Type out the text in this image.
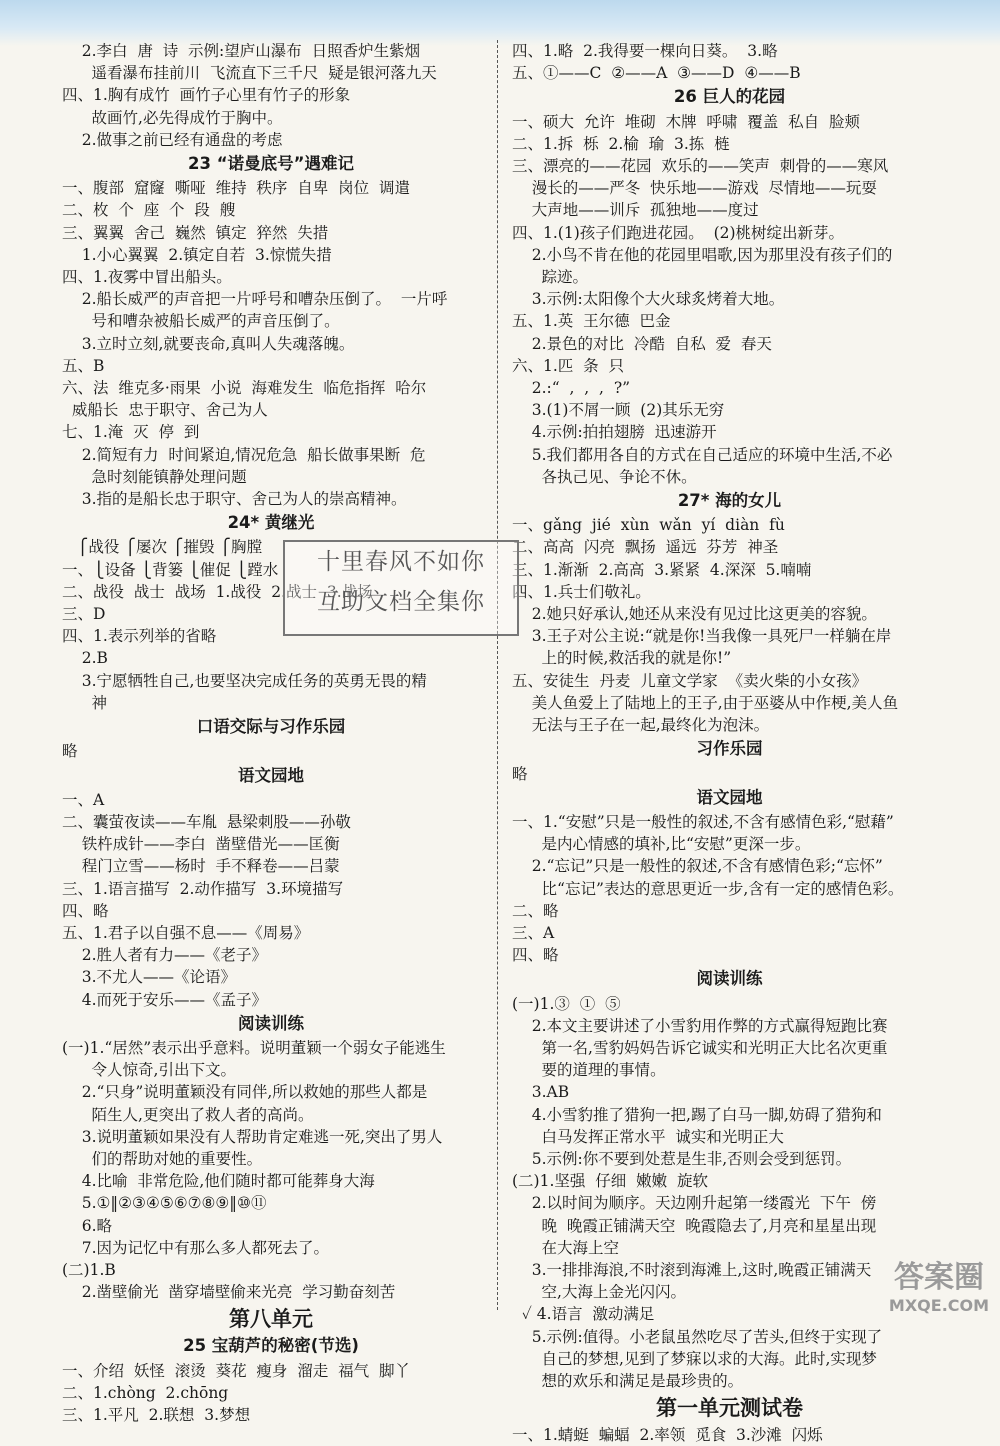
2.李白  唐  诗  示例:望庐山瀑布  日照香炉生紫烟
遥看瀑布挂前川  飞流直下三千尺  疑是银河落九天
四、1.胸有成竹  画竹子心里有竹子的形象
故画竹,必先得成竹于胸中。
2.做事之前已经有通盘的考虑
23 “诺曼底号”遇难记
一、腹部  窟窿  嘶哑  维持  秩序  自卑  岗位  调遣
二、枚  个  座  个  段  艘
三、翼翼  舍己  巍然  镇定  猝然  失措
1.小心翼翼  2.镇定自若  3.惊慌失措
四、1.夜雾中冒出船头。
2.船长威严的声音把一片呼号和嘈杂压倒了。  一片呼
号和嘈杂被船长威严的声音压倒了。
3.立时立刻,就要丧命,真叫人失魂落魄。
五、B
六、法  维克多·雨果  小说  海难发生  临危指挥  哈尔
威船长  忠于职守、舍己为人
七、1.淹  灭  停  到
2.简短有力  时间紧迫,情况危急  船长做事果断  危
急时刻能镇静处理问题
3.指的是船长忠于职守、舍己为人的崇高精神。
24* 黄继光
⎧战役 ⎧屡次 ⎧摧毁 ⎧胸膛
一、⎩设备 ⎩背篓 ⎩催促 ⎩蹚水
二、战役  战士  战场  1.战役  2.战士  3.战场
三、D
四、1.表示列举的省略
2.B
3.宁愿牺牲自己,也要坚决完成任务的英勇无畏的精
神
口语交际与习作乐园
略
语文园地
一、A
二、囊萤夜读——车胤  悬梁刺股——孙敬
铁杵成针——李白  凿壁借光——匡衡
程门立雪——杨时  手不释卷——吕蒙
三、1.语言描写  2.动作描写  3.环境描写
四、略
五、1.君子以自强不息——《周易》
2.胜人者有力——《老子》
3.不尤人——《论语》
4.而死于安乐——《孟子》
阅读训练
(一)1.“居然”表示出乎意料。说明董颖一个弱女子能逃生
令人惊奇,引出下文。
2.“只身”说明董颖没有同伴,所以救她的那些人都是
陌生人,更突出了救人者的高尚。
3.说明董颖如果没有人帮助肯定难逃一死,突出了男人
们的帮助对她的重要性。
4.比喻  非常危险,他们随时都可能葬身大海
5.①‖②③④⑤⑥⑦⑧⑨‖⑩⑪
6.略
7.因为记忆中有那么多人都死去了。
(二)1.B
2.凿壁偷光  凿穿墙壁偷来光亮  学习勤奋刻苦
第八单元
25 宝葫芦的秘密(节选)
一、介绍  妖怪  滚烫  葵花  瘦身  溜走  福气  脚丫
二、1.chòng  2.chōng
三、1.平凡  2.联想  3.梦想
四、1.略  2.我得要一棵向日葵。  3.略
五、①——C  ②——A  ③——D  ④——B
26 巨人的花园
一、硕大  允许  堆砌  木牌  呼啸  覆盖  私自  脸颊
二、1.拆  栎  2.榆  瑜  3.拣  梿
三、漂亮的——花园  欢乐的——笑声  刺骨的——寒风
漫长的——严冬  快乐地——游戏  尽情地——玩耍
大声地——训斥  孤独地——度过
四、1.(1)孩子们跑进花园。  (2)桃树绽出新芽。
2.小鸟不肯在他的花园里唱歌,因为那里没有孩子们的
踪迹。
3.示例:太阳像个大火球炙烤着大地。
五、1.英  王尔德  巴金
2.景色的对比  冷酷  自私  爱  春天
六、1.匹  条  只
2.:“  ,  ,  ,  ?”
3.(1)不屑一顾  (2)其乐无穷
4.示例:拍拍翅膀  迅速游开
5.我们都用各自的方式在自己适应的环境中生活,不必
各执己见、争论不休。
27* 海的女儿
一、gǎng  jié  xùn  wǎn  yí  diàn  fù
二、高高  闪亮  飘扬  遥远  芬芳  神圣
三、1.渐渐  2.高高  3.紧紧  4.深深  5.喃喃
四、1.兵士们敬礼。
2.她只好承认,她还从来没有见过比这更美的容貌。
3.王子对公主说:“就是你!当我像一具死尸一样躺在岸
上的时候,救活我的就是你!”
五、安徒生  丹麦  儿童文学家  《卖火柴的小女孩》
美人鱼爱上了陆地上的王子,由于巫婆从中作梗,美人鱼
无法与王子在一起,最终化为泡沫。
习作乐园
略
语文园地
一、1.“安慰”只是一般性的叙述,不含有感情色彩,“慰藉”
是内心情感的填补,比“安慰”更深一步。
2.“忘记”只是一般性的叙述,不含有感情色彩;“忘怀”
比“忘记”表达的意思更近一步,含有一定的感情色彩。
二、略
三、A
四、略
阅读训练
(一)1.③  ①  ⑤
2.本文主要讲述了小雪豹用作弊的方式赢得短跑比赛
第一名,雪豹妈妈告诉它诚实和光明正大比名次更重
要的道理的事情。
3.AB
4.小雪豹推了猎狗一把,踢了白马一脚,妨碍了猎狗和
白马发挥正常水平  诚实和光明正大
5.示例:你不要到处惹是生非,否则会受到惩罚。
(二)1.坚强  仔细  嫩嫩  旋软
2.以时间为顺序。天边刚升起第一缕霞光  下午  傍
晚  晚霞正铺满天空  晚霞隐去了,月亮和星星出现
在大海上空
3.一排排海浪,不时滚到海滩上,这时,晚霞正铺满天
空,大海上金光闪闪。
✓ 4.语言  激动满足
5.示例:值得。小老鼠虽然吃尽了苦头,但终于实现了
自己的梦想,见到了梦寐以求的大海。此时,实现梦
想的欢乐和满足是最珍贵的。
第一单元测试卷
一、1.蜻蜓  蝙蝠  2.率领  觅食  3.沙滩  闪烁
十里春风不如你
互助文档全集你
答案圈
MXQE.COM
